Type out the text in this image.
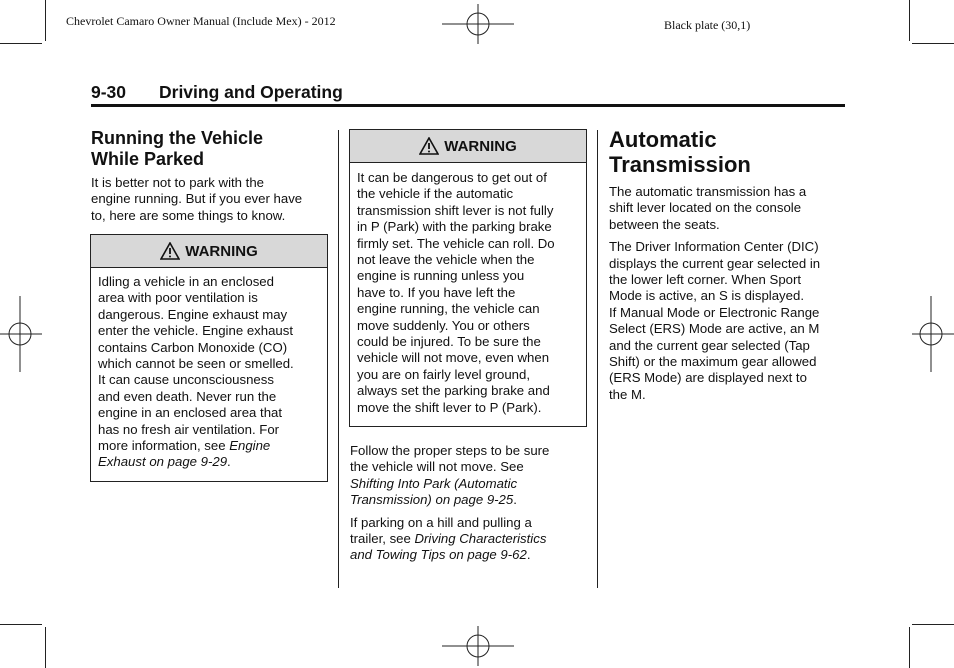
Chevrolet Camaro Owner Manual (Include Mex) - 2012	Black plate (30,1)
9-30 Driving and Operating
Running the Vehicle
While Parked

It is better not to park with the
engine running. But if you ever have
to, here are some things to know.

WARNING

Idling a vehicle in an enclosed
area with poor ventilation is
dangerous. Engine exhaust may
enter the vehicle. Engine exhaust
contains Carbon Monoxide (CO)
which cannot be seen or smelled.
It can cause unconsciousness
and even death. Never run the
engine in an enclosed area that
has no fresh air ventilation. For
more information, see Engine
Exhaust on page 9-29.

WARNING

It can be dangerous to get out of
the vehicle if the automatic
transmission shift lever is not fully
in P (Park) with the parking brake
firmly set. The vehicle can roll. Do
not leave the vehicle when the
engine is running unless you
have to. If you have left the
engine running, the vehicle can
move suddenly. You or others
could be injured. To be sure the
vehicle will not move, even when
you are on fairly level ground,
always set the parking brake and
move the shift lever to P (Park).

Follow the proper steps to be sure
the vehicle will not move. See
Shifting Into Park (Automatic
Transmission) on page 9-25.

If parking on a hill and pulling a
trailer, see Driving Characteristics
and Towing Tips on page 9-62.

Automatic
Transmission

The automatic transmission has a
shift lever located on the console
between the seats.

The Driver Information Center (DIC)
displays the current gear selected in
the lower left corner. When Sport
Mode is active, an S is displayed.
If Manual Mode or Electronic Range
Select (ERS) Mode are active, an M
and the current gear selected (Tap
Shift) or the maximum gear allowed
(ERS Mode) are displayed next to
the M.
